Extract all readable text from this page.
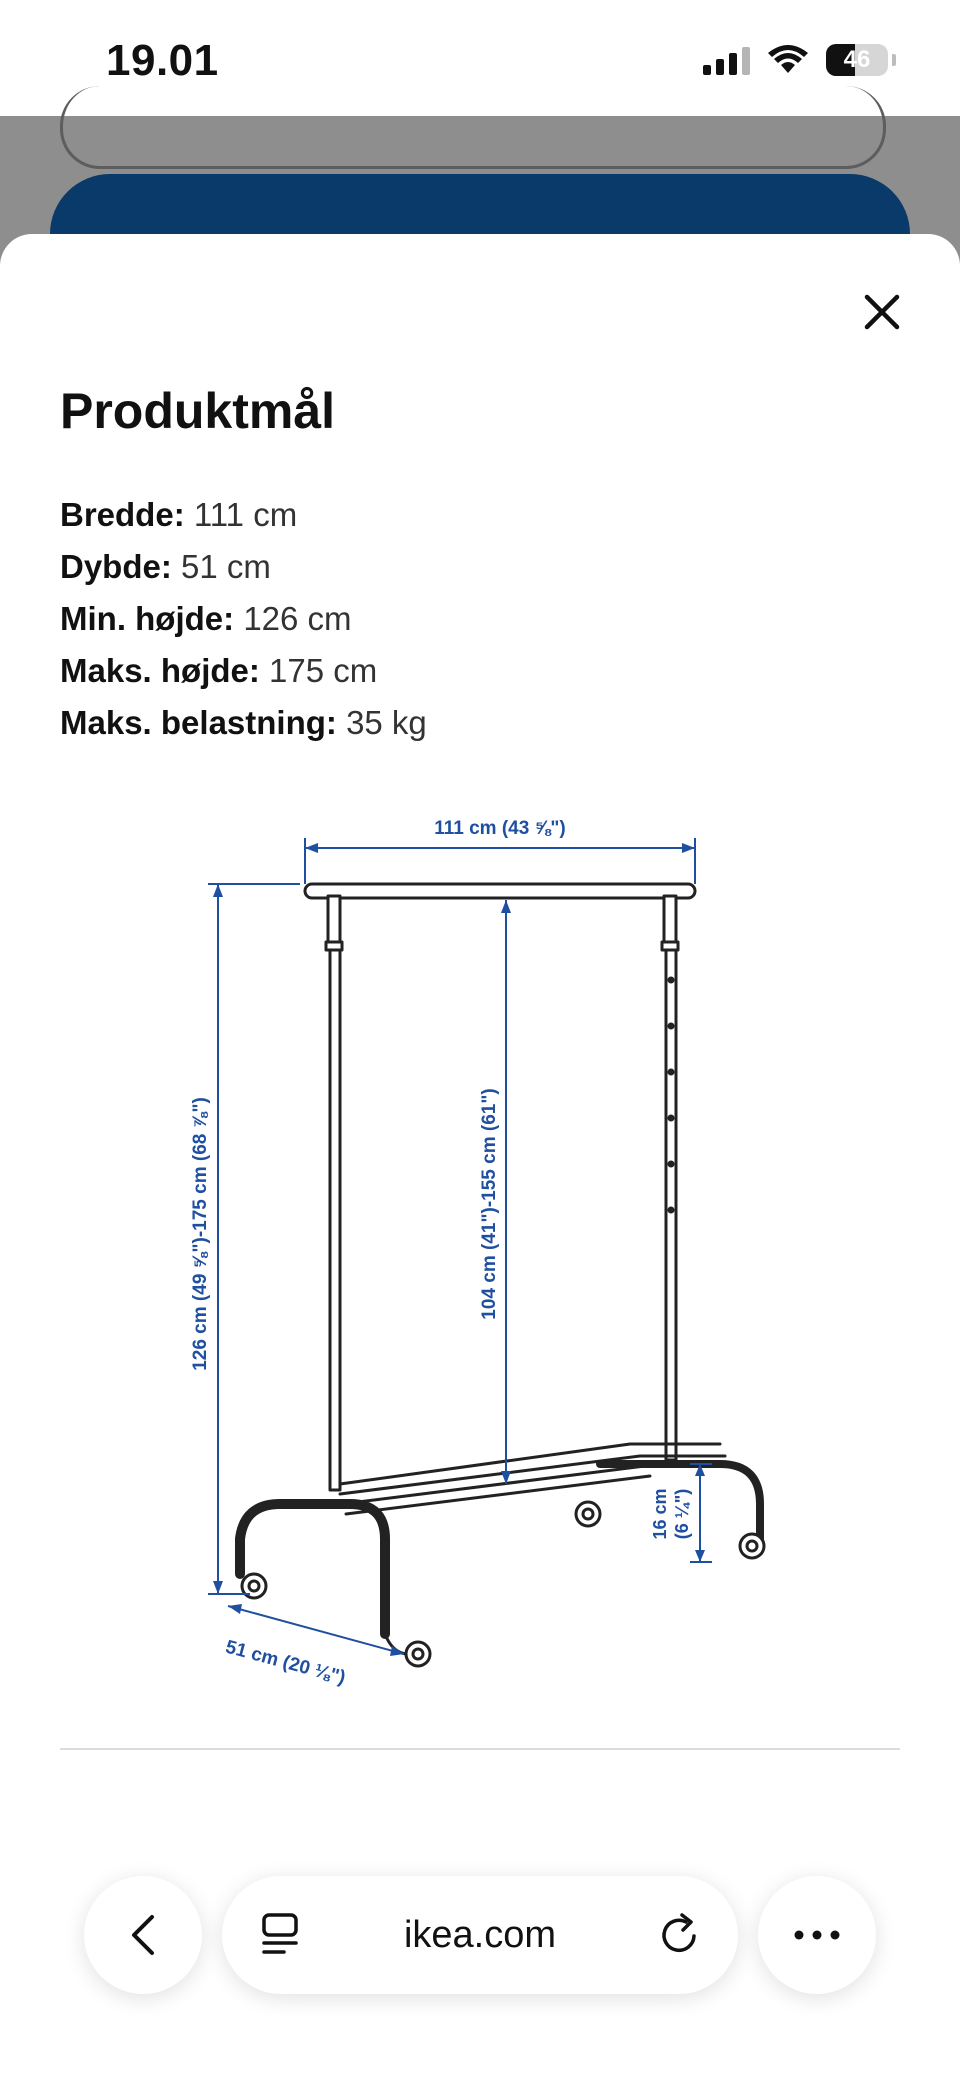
19.01	46
Produktmål
Bredde: 111 cm
Dybde: 51 cm
Min. højde: 126 cm
Maks. højde: 175 cm
Maks. belastning: 35 kg
111 cm (43 ⅝")
126 cm (49 ⅝")-175 cm (68 ⅞")	104 cm (41")-155 cm (61")
51 cm (20 ⅛")
16 cm (6 ¼")
ikea.com
